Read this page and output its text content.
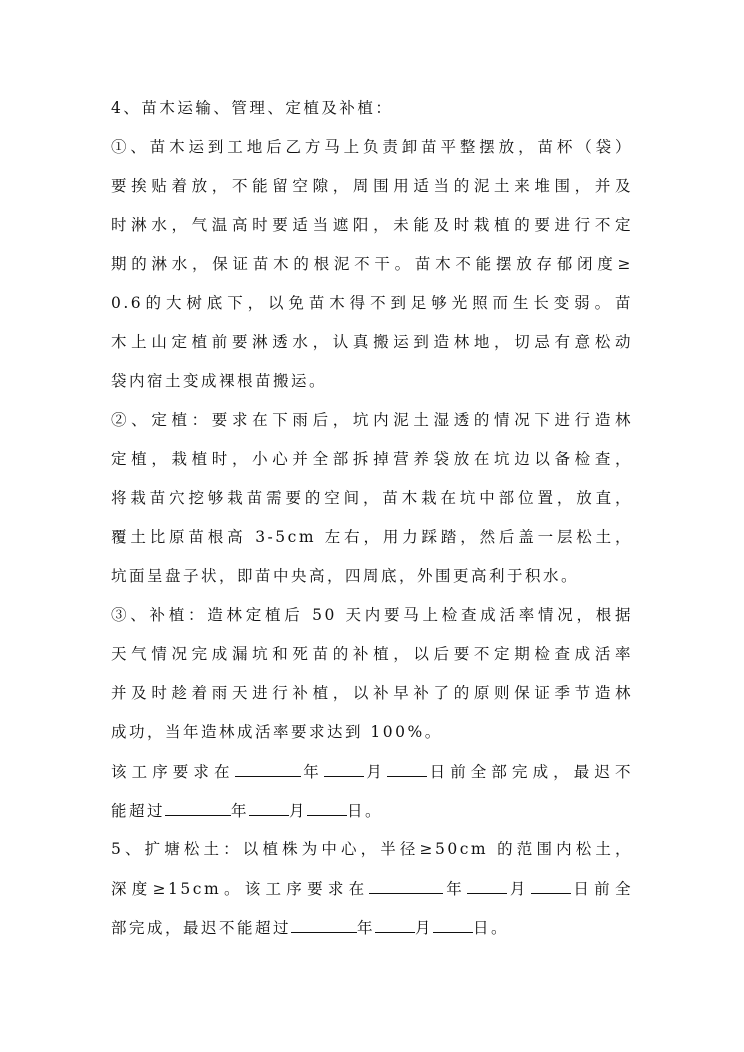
4、苗木运输、管理、定植及补植：
①、苗木运到工地后乙方马上负责卸苗平整摆放，苗杯（袋）
要挨贴着放，不能留空隙，周围用适当的泥土来堆围，并及
时淋水，气温高时要适当遮阳，未能及时栽植的要进行不定
期的淋水，保证苗木的根泥不干。苗木不能摆放存郁闭度≥
0.6的大树底下，以免苗木得不到足够光照而生长变弱。苗
木上山定植前要淋透水，认真搬运到造林地，切忌有意松动
袋内宿土变成裸根苗搬运。
②、定植：要求在下雨后，坑内泥土湿透的情况下进行造林
定植，栽植时，小心并全部拆掉营养袋放在坑边以备检查，
将栽苗穴挖够栽苗需要的空间，苗木栽在坑中部位置，放直，
覆土比原苗根高 3-5cm 左右，用力踩踏，然后盖一层松土，
坑面呈盘子状，即苗中央高，四周底，外围更高利于积水。
③、补植：造林定植后 50 天内要马上检查成活率情况，根据
天气情况完成漏坑和死苗的补植，以后要不定期检查成活率
并及时趁着雨天进行补植，以补早补了的原则保证季节造林
成功，当年造林成活率要求达到 100%。
该工序要求在	年	月	日前全部完成，最迟不
能超过	年	月	日。
5、扩塘松土：以植株为中心，半径≥50cm 的范围内松土，
深度≥15cm。该工序要求在	年	月	日前全
部完成，最迟不能超过	年	月	日。
